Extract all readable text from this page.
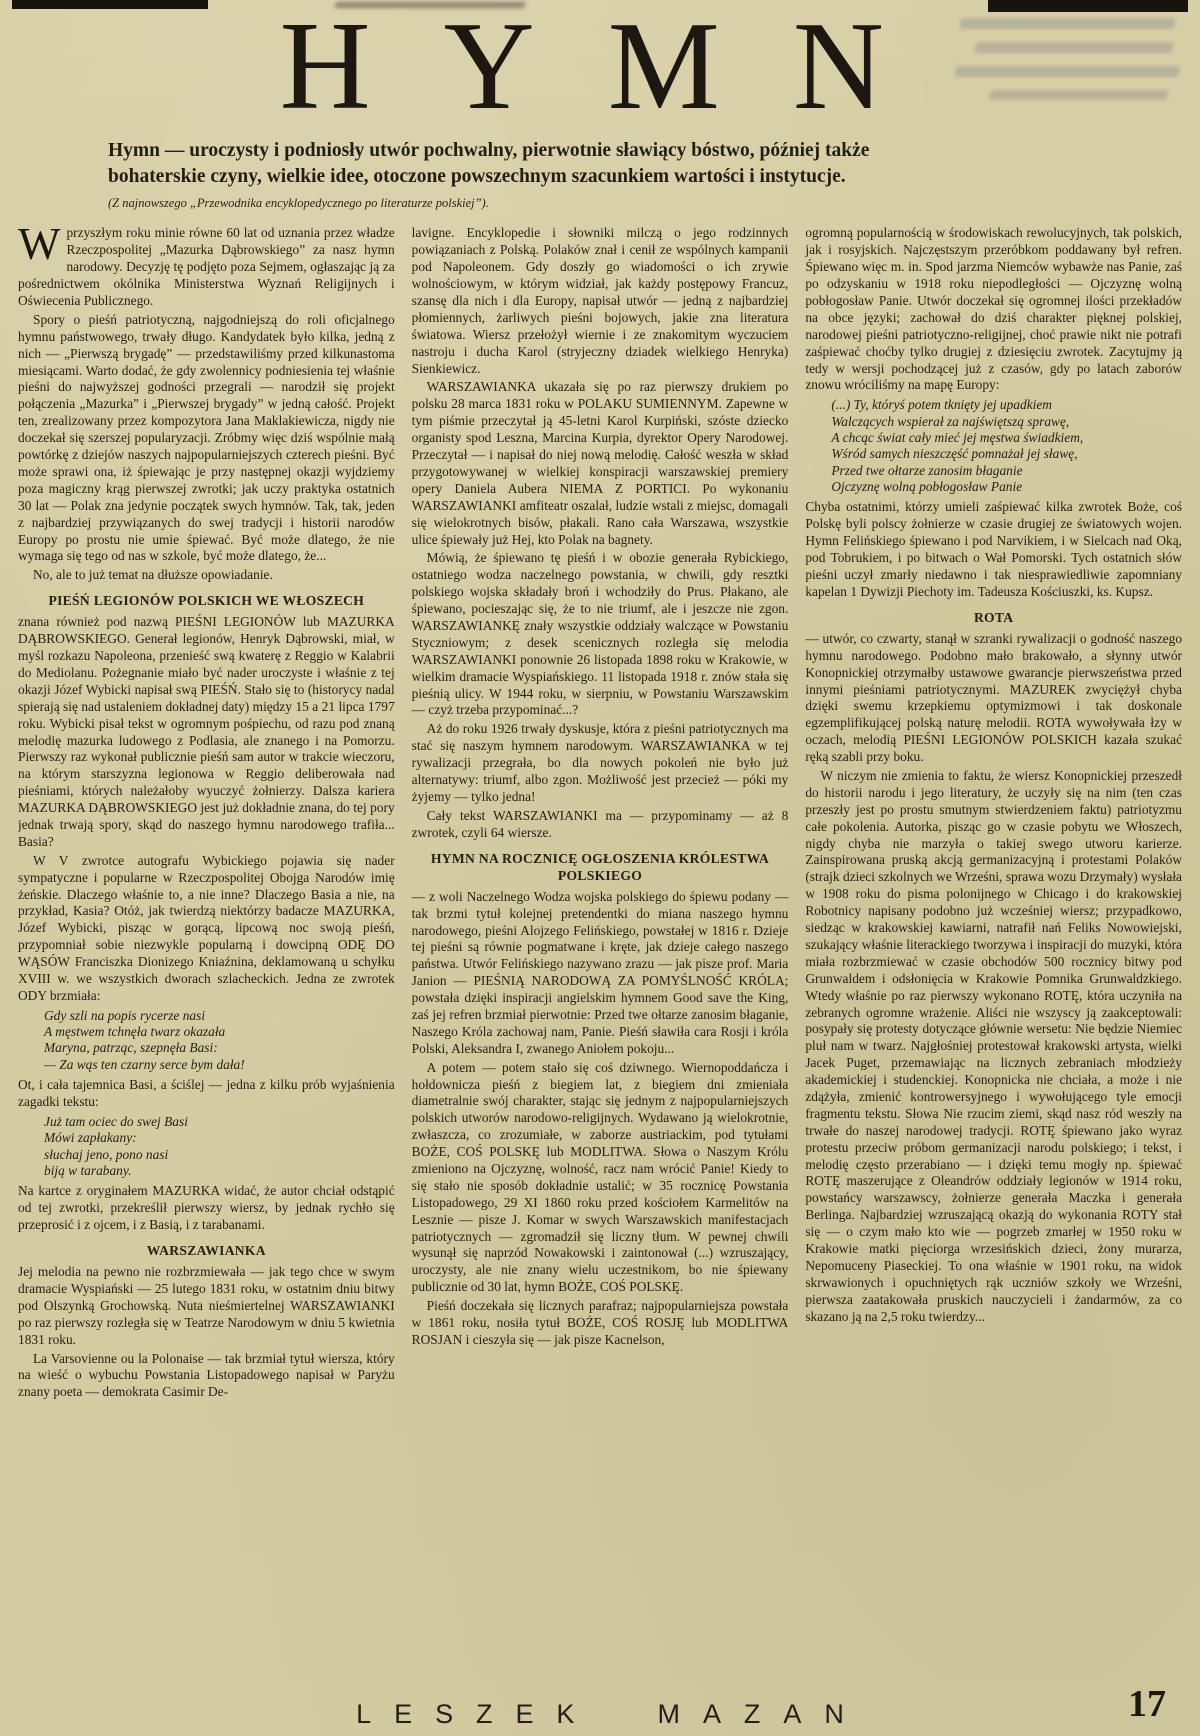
HYMN

Hymn — uroczysty i podniosły utwór pochwalny, pierwotnie sławiący bóstwo, później także bohaterskie czyny, wielkie idee, otoczone powszechnym szacunkiem wartości i instytucje.

(Z najnowszego „Przewodnika encyklopedycznego po literaturze polskiej”).

Wprzyszłym roku minie równe 60 lat od uznania przez władze Rzeczpospolitej „Mazurka Dąbrowskiego” za nasz hymn narodowy. Decyzję tę podjęto poza Sejmem, ogłaszając ją za pośrednictwem okólnika Ministerstwa Wyznań Religijnych i Oświecenia Publicznego.

Spory o pieśń patriotyczną, najgodniejszą do roli oficjalnego hymnu państwowego, trwały długo. Kandydatek było kilka, jedną z nich — „Pierwszą brygadę” — przedstawiliśmy przed kilkunastoma miesiącami. Warto dodać, że gdy zwolennicy podniesienia tej właśnie pieśni do najwyższej godności przegrali — narodził się projekt połączenia „Mazurka” i „Pierwszej brygady” w jedną całość. Projekt ten, zrealizowany przez kompozytora Jana Maklakiewicza, nigdy nie doczekał się szerszej popularyzacji. Zróbmy więc dziś wspólnie małą powtórkę z dziejów naszych najpopularniejszych czterech pieśni. Być może sprawi ona, iż śpiewając je przy następnej okazji wyjdziemy poza magiczny krąg pierwszej zwrotki; jak uczy praktyka ostatnich 30 lat — Polak zna jedynie początek swych hymnów. Tak, tak, jeden z najbardziej przywiązanych do swej tradycji i historii narodów Europy po prostu nie umie śpiewać. Być może dlatego, że nie wymaga się tego od nas w szkole, być może dlatego, że...

No, ale to już temat na dłuższe opowiadanie.

PIEŚŃ LEGIONÓW POLSKICH WE WŁOSZECH

znana również pod nazwą PIEŚNI LEGIONÓW lub MAZURKA DĄBROWSKIEGO. Generał legionów, Henryk Dąbrowski, miał, w myśl rozkazu Napoleona, przenieść swą kwaterę z Reggio w Kalabrii do Mediolanu. Pożegnanie miało być nader uroczyste i właśnie z tej okazji Józef Wybicki napisał swą PIEŚŃ. Stało się to (historycy nadal spierają się nad ustaleniem dokładnej daty) między 15 a 21 lipca 1797 roku. Wybicki pisał tekst w ogromnym pośpiechu, od razu pod znaną melodię mazurka ludowego z Podlasia, ale znanego i na Pomorzu. Pierwszy raz wykonał publicznie pieśń sam autor w trakcie wieczoru, na którym starszyzna legionowa w Reggio deliberowała nad pieśniami, których należałoby wyuczyć żołnierzy. Dalsza kariera MAZURKA DĄBROWSKIEGO jest już dokładnie znana, do tej pory jednak trwają spory, skąd do naszego hymnu narodowego trafiła... Basia?

W V zwrotce autografu Wybickiego pojawia się nader sympatyczne i popularne w Rzeczpospolitej Obojga Narodów imię żeńskie. Dlaczego właśnie to, a nie inne? Dlaczego Basia a nie, na przykład, Kasia? Otóż, jak twierdzą niektórzy badacze MAZURKA, Józef Wybicki, pisząc w gorącą, lipcową noc swoją pieśń, przypomniał sobie niezwykle popularną i dowcipną ODĘ DO WĄSÓW Franciszka Dionizego Kniaźnina, deklamowaną u schyłku XVIII w. we wszystkich dworach szlacheckich. Jedna ze zwrotek ODY brzmiała:

Gdy szli na popis rycerze nasi
A męstwem tchnęła twarz okazała
Maryna, patrząc, szepnęła Basi:
— Za wąs ten czarny serce bym dała!

Ot, i cała tajemnica Basi, a ściślej — jedna z kilku prób wyjaśnienia zagadki tekstu:

Już tam ociec do swej Basi
Mówi zapłakany:
słuchaj jeno, pono nasi
biją w tarabany.

Na kartce z oryginałem MAZURKA widać, że autor chciał odstąpić od tej zwrotki, przekreślił pierwszy wiersz, by jednak rychło się przeprosić i z ojcem, i z Basią, i z tarabanami.

WARSZAWIANKA

Jej melodia na pewno nie rozbrzmiewała — jak tego chce w swym dramacie Wyspiański — 25 lutego 1831 roku, w ostatnim dniu bitwy pod Olszynką Grochowską. Nuta nieśmiertelnej WARSZAWIANKI po raz pierwszy rozległa się w Teatrze Narodowym w dniu 5 kwietnia 1831 roku.

La Varsovienne ou la Polonaise — tak brzmiał tytuł wiersza, który na wieść o wybuchu Powstania Listopadowego napisał w Paryżu znany poeta — demokrata Casimir De-

lavigne. Encyklopedie i słowniki milczą o jego rodzinnych powiązaniach z Polską. Polaków znał i cenił ze wspólnych kampanii pod Napoleonem. Gdy doszły go wiadomości o ich zrywie wolnościowym, w którym widział, jak każdy postępowy Francuz, szansę dla nich i dla Europy, napisał utwór — jedną z najbardziej płomiennych, żarliwych pieśni bojowych, jakie zna literatura światowa. Wiersz przełożył wiernie i ze znakomitym wyczuciem nastroju i ducha Karol (stryjeczny dziadek wielkiego Henryka) Sienkiewicz.

WARSZAWIANKA ukazała się po raz pierwszy drukiem po polsku 28 marca 1831 roku w POLAKU SUMIENNYM. Zapewne w tym piśmie przeczytał ją 45-letni Karol Kurpiński, szóste dziecko organisty spod Leszna, Marcina Kurpia, dyrektor Opery Narodowej. Przeczytał — i napisał do niej nową melodię. Całość weszła w skład przygotowywanej w wielkiej konspiracji warszawskiej premiery opery Daniela Aubera NIEMA Z PORTICI. Po wykonaniu WARSZAWIANKI amfiteatr oszalał, ludzie wstali z miejsc, domagali się wielokrotnych bisów, płakali. Rano cała Warszawa, wszystkie ulice śpiewały już Hej, kto Polak na bagnety.

Mówią, że śpiewano tę pieśń i w obozie generała Rybickiego, ostatniego wodza naczelnego powstania, w chwili, gdy resztki polskiego wojska składały broń i wchodziły do Prus. Płakano, ale śpiewano, pocieszając się, że to nie triumf, ale i jeszcze nie zgon. WARSZAWIANKĘ znały wszystkie oddziały walczące w Powstaniu Styczniowym; z desek scenicznych rozległa się melodia WARSZAWIANKI ponownie 26 listopada 1898 roku w Krakowie, w wielkim dramacie Wyspiańskiego. 11 listopada 1918 r. znów stała się pieśnią ulicy. W 1944 roku, w sierpniu, w Powstaniu Warszawskim — czyż trzeba przypominać...?

Aż do roku 1926 trwały dyskusje, która z pieśni patriotycznych ma stać się naszym hymnem narodowym. WARSZAWIANKA w tej rywalizacji przegrała, bo dla nowych pokoleń nie było już alternatywy: triumf, albo zgon. Możliwość jest przecież — póki my żyjemy — tylko jedna!

Cały tekst WARSZAWIANKI ma — przypominamy — aż 8 zwrotek, czyli 64 wiersze.

HYMN NA ROCZNICĘ OGŁOSZENIA KRÓLESTWA POLSKIEGO

— z woli Naczelnego Wodza wojska polskiego do śpiewu podany — tak brzmi tytuł kolejnej pretendentki do miana naszego hymnu narodowego, pieśni Alojzego Felińskiego, powstałej w 1816 r. Dzieje tej pieśni są równie pogmatwane i kręte, jak dzieje całego naszego państwa. Utwór Felińskiego nazywano zrazu — jak pisze prof. Maria Janion — PIEŚNIĄ NARODOWĄ ZA POMYŚLNOŚĆ KRÓLA; powstała dzięki inspiracji angielskim hymnem Good save the King, zaś jej refren brzmiał pierwotnie: Przed twe ołtarze zanosim błaganie, Naszego Króla zachowaj nam, Panie. Pieśń sławiła cara Rosji i króla Polski, Aleksandra I, zwanego Aniołem pokoju...

A potem — potem stało się coś dziwnego. Wiernopoddańcza i hołdownicza pieśń z biegiem lat, z biegiem dni zmieniała diametralnie swój charakter, stając się jednym z najpopularniejszych polskich utworów narodowo-religijnych. Wydawano ją wielokrotnie, zwłaszcza, co zrozumiałe, w zaborze austriackim, pod tytułami BOŻE, COŚ POLSKĘ lub MODLITWA. Słowa o Naszym Królu zmieniono na Ojczyznę, wolność, racz nam wrócić Panie! Kiedy to się stało nie sposób dokładnie ustalić; w 35 rocznicę Powstania Listopadowego, 29 XI 1860 roku przed kościołem Karmelitów na Lesznie — pisze J. Komar w swych Warszawskich manifestacjach patriotycznych — zgromadził się liczny tłum. W pewnej chwili wysunął się naprzód Nowakowski i zaintonował (...) wzruszający, uroczysty, ale nie znany wielu uczestnikom, bo nie śpiewany publicznie od 30 lat, hymn BOŻE, COŚ POLSKĘ.

Pieśń doczekała się licznych parafraz; najpopularniejsza powstała w 1861 roku, nosiła tytuł BOŻE, COŚ ROSJĘ lub MODLITWA ROSJAN i cieszyła się — jak pisze Kacnelson,

ogromną popularnością w środowiskach rewolucyjnych, tak polskich, jak i rosyjskich. Najczęstszym przeróbkom poddawany był refren. Śpiewano więc m. in. Spod jarzma Niemców wybawże nas Panie, zaś po odzyskaniu w 1918 roku niepodległości — Ojczyznę wolną pobłogosław Panie. Utwór doczekał się ogromnej ilości przekładów na obce języki; zachował do dziś charakter pięknej polskiej, narodowej pieśni patriotyczno-religijnej, choć prawie nikt nie potrafi zaśpiewać choćby tylko drugiej z dziesięciu zwrotek. Zacytujmy ją tedy w wersji pochodzącej już z czasów, gdy po latach zaborów znowu wróciliśmy na mapę Europy:

(...) Ty, któryś potem tknięty jej upadkiem
Walczących wspierał za najświętszą sprawę,
A chcąc świat cały mieć jej męstwa świadkiem,
Wśród samych nieszczęść pomnażał jej sławę,
Przed twe ołtarze zanosim błaganie
Ojczyznę wolną pobłogosław Panie

Chyba ostatnimi, którzy umieli zaśpiewać kilka zwrotek Boże, coś Polskę byli polscy żołnierze w czasie drugiej ze światowych wojen. Hymn Felińskiego śpiewano i pod Narvikiem, i w Sielcach nad Oką, pod Tobrukiem, i po bitwach o Wał Pomorski. Tych ostatnich słów pieśni uczył zmarły niedawno i tak niesprawiedliwie zapomniany kapelan 1 Dywizji Piechoty im. Tadeusza Kościuszki, ks. Kupsz.

ROTA

— utwór, co czwarty, stanął w szranki rywalizacji o godność naszego hymnu narodowego. Podobno mało brakowało, a słynny utwór Konopnickiej otrzymałby ustawowe gwarancje pierwszeństwa przed innymi pieśniami patriotycznymi. MAZUREK zwyciężył chyba dzięki swemu krzepkiemu optymizmowi i tak doskonale egzemplifikującej polską naturę melodii. ROTA wywoływała łzy w oczach, melodią PIEŚNI LEGIONÓW POLSKICH kazała szukać ręką szabli przy boku.

W niczym nie zmienia to faktu, że wiersz Konopnickiej przeszedł do historii narodu i jego literatury, że uczyły się na nim (ten czas przeszły jest po prostu smutnym stwierdzeniem faktu) patriotyzmu całe pokolenia. Autorka, pisząc go w czasie pobytu we Włoszech, nigdy chyba nie marzyła o takiej swego utworu karierze. Zainspirowana pruską akcją germanizacyjną i protestami Polaków (strajk dzieci szkolnych we Wrześni, sprawa wozu Drzymały) wysłała w 1908 roku do pisma polonijnego w Chicago i do krakowskiej Robotnicy napisany podobno już wcześniej wiersz; przypadkowo, siedząc w krakowskiej kawiarni, natrafił nań Feliks Nowowiejski, szukający właśnie literackiego tworzywa i inspiracji do muzyki, która miała rozbrzmiewać w czasie obchodów 500 rocznicy bitwy pod Grunwaldem i odsłonięcia w Krakowie Pomnika Grunwaldzkiego. Wtedy właśnie po raz pierwszy wykonano ROTĘ, która uczyniła na zebranych ogromne wrażenie. Aliści nie wszyscy ją zaakceptowali: posypały się protesty dotyczące głównie wersetu: Nie będzie Niemiec pluł nam w twarz. Najgłośniej protestował krakowski artysta, wielki Jacek Puget, przemawiając na licznych zebraniach młodzieży akademickiej i studenckiej. Konopnicka nie chciała, a może i nie zdążyła, zmienić kontrowersyjnego i wywołującego tyle emocji fragmentu tekstu. Słowa Nie rzucim ziemi, skąd nasz ród weszły na trwałe do naszej narodowej tradycji. ROTĘ śpiewano jako wyraz protestu przeciw próbom germanizacji narodu polskiego; i tekst, i melodię często przerabiano — i dzięki temu mogły np. śpiewać ROTĘ maszerujące z Oleandrów oddziały legionów w 1914 roku, powstańcy warszawscy, żołnierze generała Maczka i generała Berlinga. Najbardziej wzruszającą okazją do wykonania ROTY stał się — o czym mało kto wie — pogrzeb zmarłej w 1950 roku w Krakowie matki pięciorga wrzesińskich dzieci, żony murarza, Nepomuceny Piaseckiej. To ona właśnie w 1901 roku, na widok skrwawionych i opuchniętych rąk uczniów szkoły we Wrześni, pierwsza zaatakowała pruskich nauczycieli i żandarmów, za co skazano ją na 2,5 roku twierdzy...

LESZEK MAZAN	17
